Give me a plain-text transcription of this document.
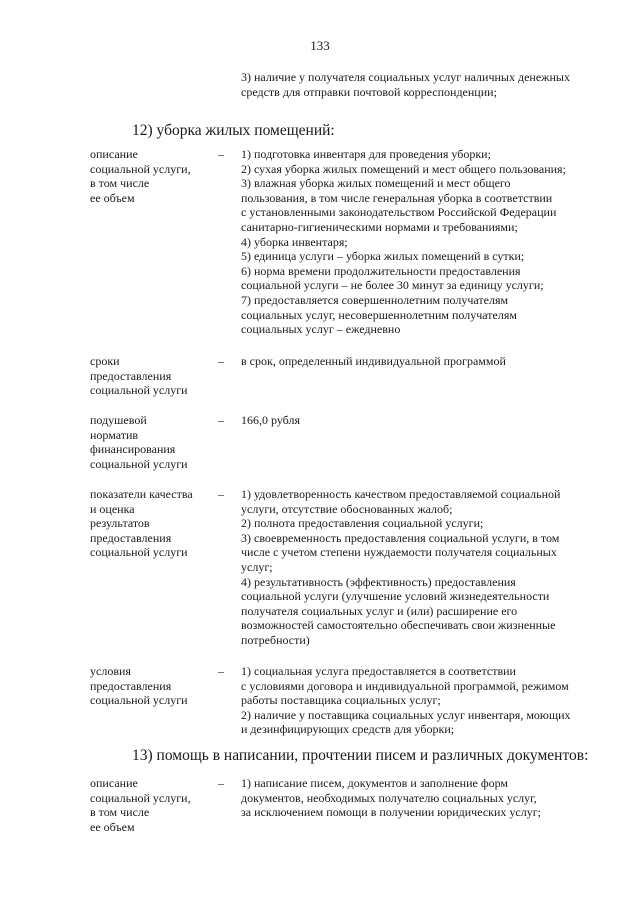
133
3) наличие у получателя социальных услуг наличных денежных
средств для отправки почтовой корреспонденции;
12) уборка жилых помещений:
описание
социальной услуги,
в том числе
ее объем
–	1) подготовка инвентаря для проведения уборки;
2) сухая уборка жилых помещений и мест общего пользования;
3) влажная уборка жилых помещений и мест общего
пользования, в том числе генеральная уборка в соответствии
с установленными законодательством Российской Федерации
санитарно-гигиеническими нормами и требованиями;
4) уборка инвентаря;
5) единица услуги – уборка жилых помещений в сутки;
6) норма времени продолжительности предоставления
социальной услуги – не более 30 минут за единицу услуги;
7) предоставляется совершеннолетним получателям
социальных услуг, несовершеннолетним получателям
социальных услуг – ежедневно
сроки
предоставления
социальной услуги
–	в срок, определенный индивидуальной программой
подушевой
норматив
финансирования
социальной услуги
–	166,0 рубля
показатели качества
и оценка
результатов
предоставления
социальной услуги
–	1) удовлетворенность качеством предоставляемой социальной
услуги, отсутствие обоснованных жалоб;
2) полнота предоставления социальной услуги;
3) своевременность предоставления социальной услуги, в том
числе с учетом степени нуждаемости получателя социальных
услуг;
4) результативность (эффективность) предоставления
социальной услуги (улучшение условий жизнедеятельности
получателя социальных услуг и (или) расширение его
возможностей самостоятельно обеспечивать свои жизненные
потребности)
условия
предоставления
социальной услуги
–	1) социальная услуга предоставляется в соответствии
с условиями договора и индивидуальной программой, режимом
работы поставщика социальных услуг;
2) наличие у поставщика социальных услуг инвентаря, моющих
и дезинфицирующих средств для уборки;
13) помощь в написании, прочтении писем и различных документов:
описание
социальной услуги,
в том числе
ее объем
–	1) написание писем, документов и заполнение форм
документов, необходимых получателю социальных услуг,
за исключением помощи в получении юридических услуг;
